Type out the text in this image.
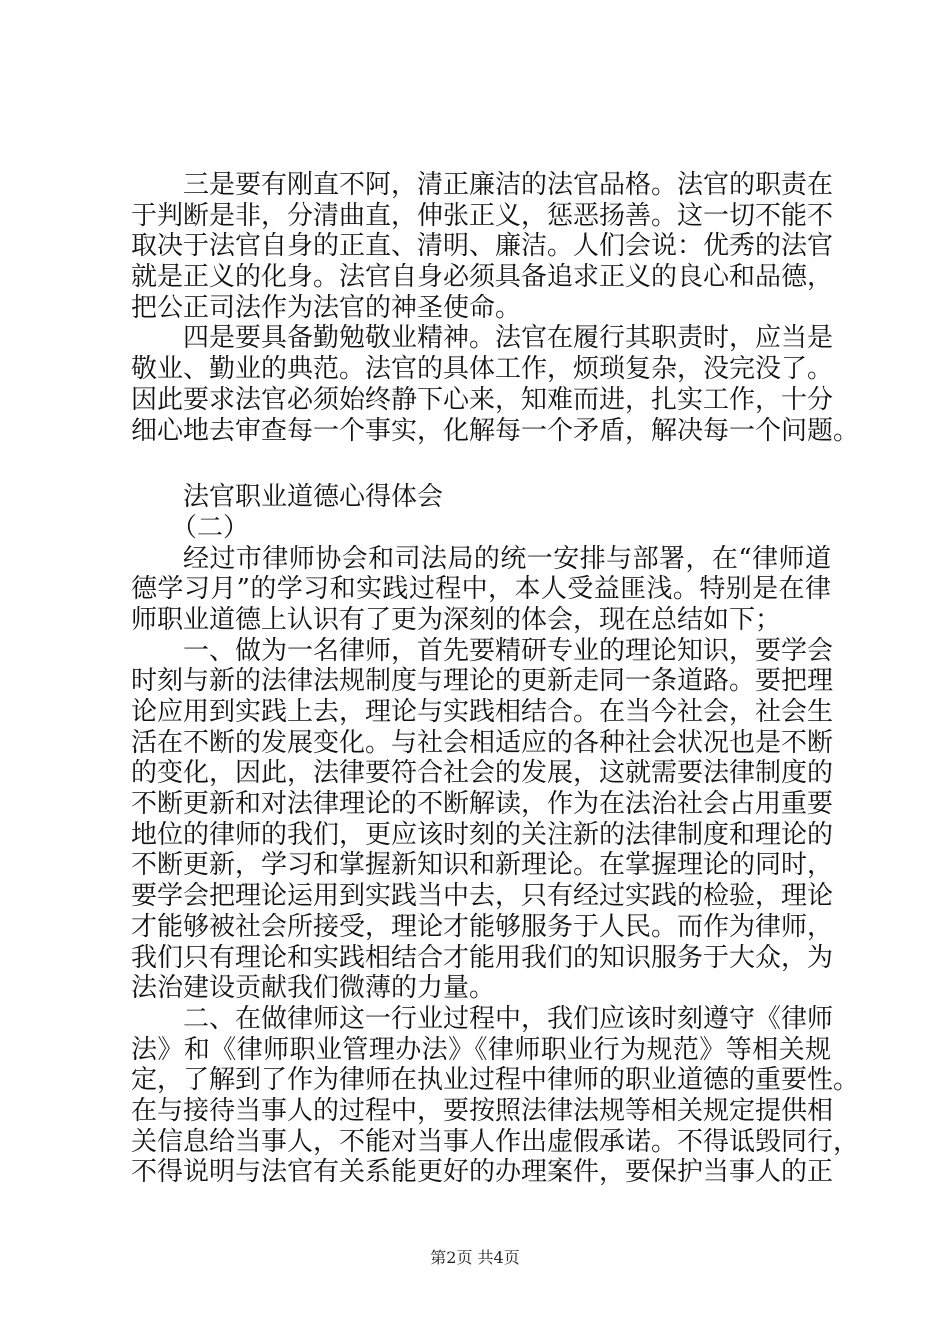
三是要有刚直不阿，清正廉洁的法官品格。法官的职责在
于判断是非，分清曲直，伸张正义，惩恶扬善。这一切不能不
取决于法官自身的正直、清明、廉洁。人们会说：优秀的法官
就是正义的化身。法官自身必须具备追求正义的良心和品德，
把公正司法作为法官的神圣使命。
四是要具备勤勉敬业精神。法官在履行其职责时，应当是
敬业、勤业的典范。法官的具体工作，烦琐复杂，没完没了。
因此要求法官必须始终静下心来，知难而进，扎实工作，十分
细心地去审查每一个事实，化解每一个矛盾，解决每一个问题。
法官职业道德心得体会
（二）
经过市律师协会和司法局的统一安排与部署，在“律师道
德学习月”的学习和实践过程中，本人受益匪浅。特别是在律
师职业道德上认识有了更为深刻的体会，现在总结如下；
一、做为一名律师，首先要精研专业的理论知识，要学会
时刻与新的法律法规制度与理论的更新走同一条道路。要把理
论应用到实践上去，理论与实践相结合。在当今社会，社会生
活在不断的发展变化。与社会相适应的各种社会状况也是不断
的变化，因此，法律要符合社会的发展，这就需要法律制度的
不断更新和对法律理论的不断解读，作为在法治社会占用重要
地位的律师的我们，更应该时刻的关注新的法律制度和理论的
不断更新，学习和掌握新知识和新理论。在掌握理论的同时，
要学会把理论运用到实践当中去，只有经过实践的检验，理论
才能够被社会所接受，理论才能够服务于人民。而作为律师，
我们只有理论和实践相结合才能用我们的知识服务于大众，为
法治建设贡献我们微薄的力量。
二、在做律师这一行业过程中，我们应该时刻遵守《律师
法》和《律师职业管理办法》《律师职业行为规范》等相关规
定，了解到了作为律师在执业过程中律师的职业道德的重要性。
在与接待当事人的过程中，要按照法律法规等相关规定提供相
关信息给当事人，不能对当事人作出虚假承诺。不得诋毁同行，
不得说明与法官有关系能更好的办理案件，要保护当事人的正
第2页 共4页
